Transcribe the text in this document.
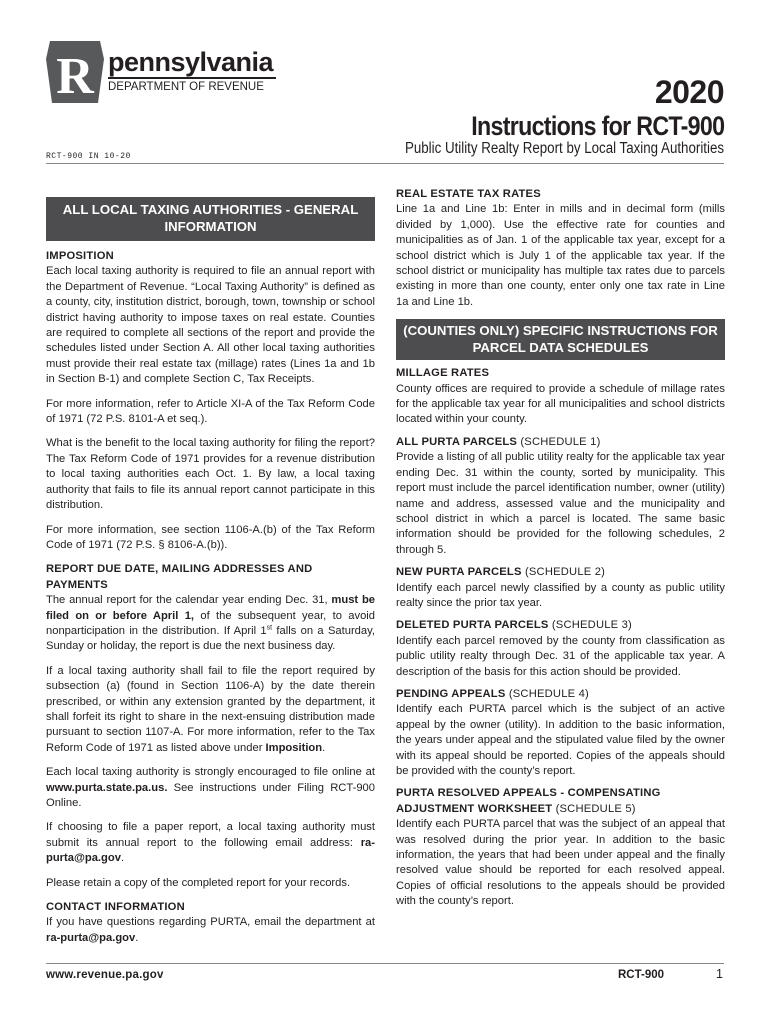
R pennsylvania
DEPARTMENT OF REVENUE	2020
Instructions for RCT-900
Public Utility Realty Report by Local Taxing Authorities
RCT-900 IN 10-20
ALL LOCAL TAXING AUTHORITIES - GENERAL INFORMATION
IMPOSITION

Each local taxing authority is required to file an annual report with the Department of Revenue. “Local Taxing Authority” is defined as a county, city, institution district, borough, town, township or school district having authority to impose taxes on real estate. Counties are required to complete all sections of the report and provide the schedules listed under Section A. All other local taxing authorities must provide their real estate tax (millage) rates (Lines 1a and 1b in Section B-1) and complete Section C, Tax Receipts.

For more information, refer to Article XI-A of the Tax Reform Code of 1971 (72 P.S. 8101-A et seq.).

What is the benefit to the local taxing authority for filing the report? The Tax Reform Code of 1971 provides for a revenue distribution to local taxing authorities each Oct. 1. By law, a local taxing authority that fails to file its annual report cannot participate in this distribution.

For more information, see section 1106-A.(b) of the Tax Reform Code of 1971 (72 P.S. § 8106-A.(b)).

REPORT DUE DATE, MAILING ADDRESSES AND PAYMENTS

The annual report for the calendar year ending Dec. 31, must be filed on or before April 1, of the subsequent year, to avoid nonparticipation in the distribution. If April 1st falls on a Saturday, Sunday or holiday, the report is due the next business day.

If a local taxing authority shall fail to file the report required by subsection (a) (found in Section 1106-A) by the date therein prescribed, or within any extension granted by the department, it shall forfeit its right to share in the next-ensuing distribution made pursuant to section 1107-A. For more information, refer to the Tax Reform Code of 1971 as listed above under Imposition.

Each local taxing authority is strongly encouraged to file online at www.purta.state.pa.us. See instructions under Filing RCT-900 Online.

If choosing to file a paper report, a local taxing authority must submit its annual report to the following email address: ra-purta@pa.gov.

Please retain a copy of the completed report for your records.

CONTACT INFORMATION

If you have questions regarding PURTA, email the department at ra-purta@pa.gov.

REAL ESTATE TAX RATES

Line 1a and Line 1b: Enter in mills and in decimal form (mills divided by 1,000). Use the effective rate for counties and municipalities as of Jan. 1 of the applicable tax year, except for a school district which is July 1 of the applicable tax year. If the school district or municipality has multiple tax rates due to parcels existing in more than one county, enter only one tax rate in Line 1a and Line 1b.

(COUNTIES ONLY) SPECIFIC INSTRUCTIONS FOR PARCEL DATA SCHEDULES
MILLAGE RATES

County offices are required to provide a schedule of millage rates for the applicable tax year for all municipalities and school districts located within your county.

ALL PURTA PARCELS (SCHEDULE 1)

Provide a listing of all public utility realty for the applicable tax year ending Dec. 31 within the county, sorted by municipality. This report must include the parcel identification number, owner (utility) name and address, assessed value and the municipality and school district in which a parcel is located. The same basic information should be provided for the following schedules, 2 through 5.

NEW PURTA PARCELS (SCHEDULE 2)

Identify each parcel newly classified by a county as public utility realty since the prior tax year.

DELETED PURTA PARCELS (SCHEDULE 3)

Identify each parcel removed by the county from classification as public utility realty through Dec. 31 of the applicable tax year. A description of the basis for this action should be provided.

PENDING APPEALS (SCHEDULE 4)

Identify each PURTA parcel which is the subject of an active appeal by the owner (utility). In addition to the basic information, the years under appeal and the stipulated value filed by the owner with its appeal should be reported. Copies of the appeals should be provided with the county’s report.

PURTA RESOLVED APPEALS - COMPENSATING ADJUSTMENT WORKSHEET (SCHEDULE 5)

Identify each PURTA parcel that was the subject of an appeal that was resolved during the prior year. In addition to the basic information, the years that had been under appeal and the finally resolved value should be reported for each resolved appeal. Copies of official resolutions to the appeals should be provided with the county’s report.

www.revenue.pa.gov	RCT-900	1
